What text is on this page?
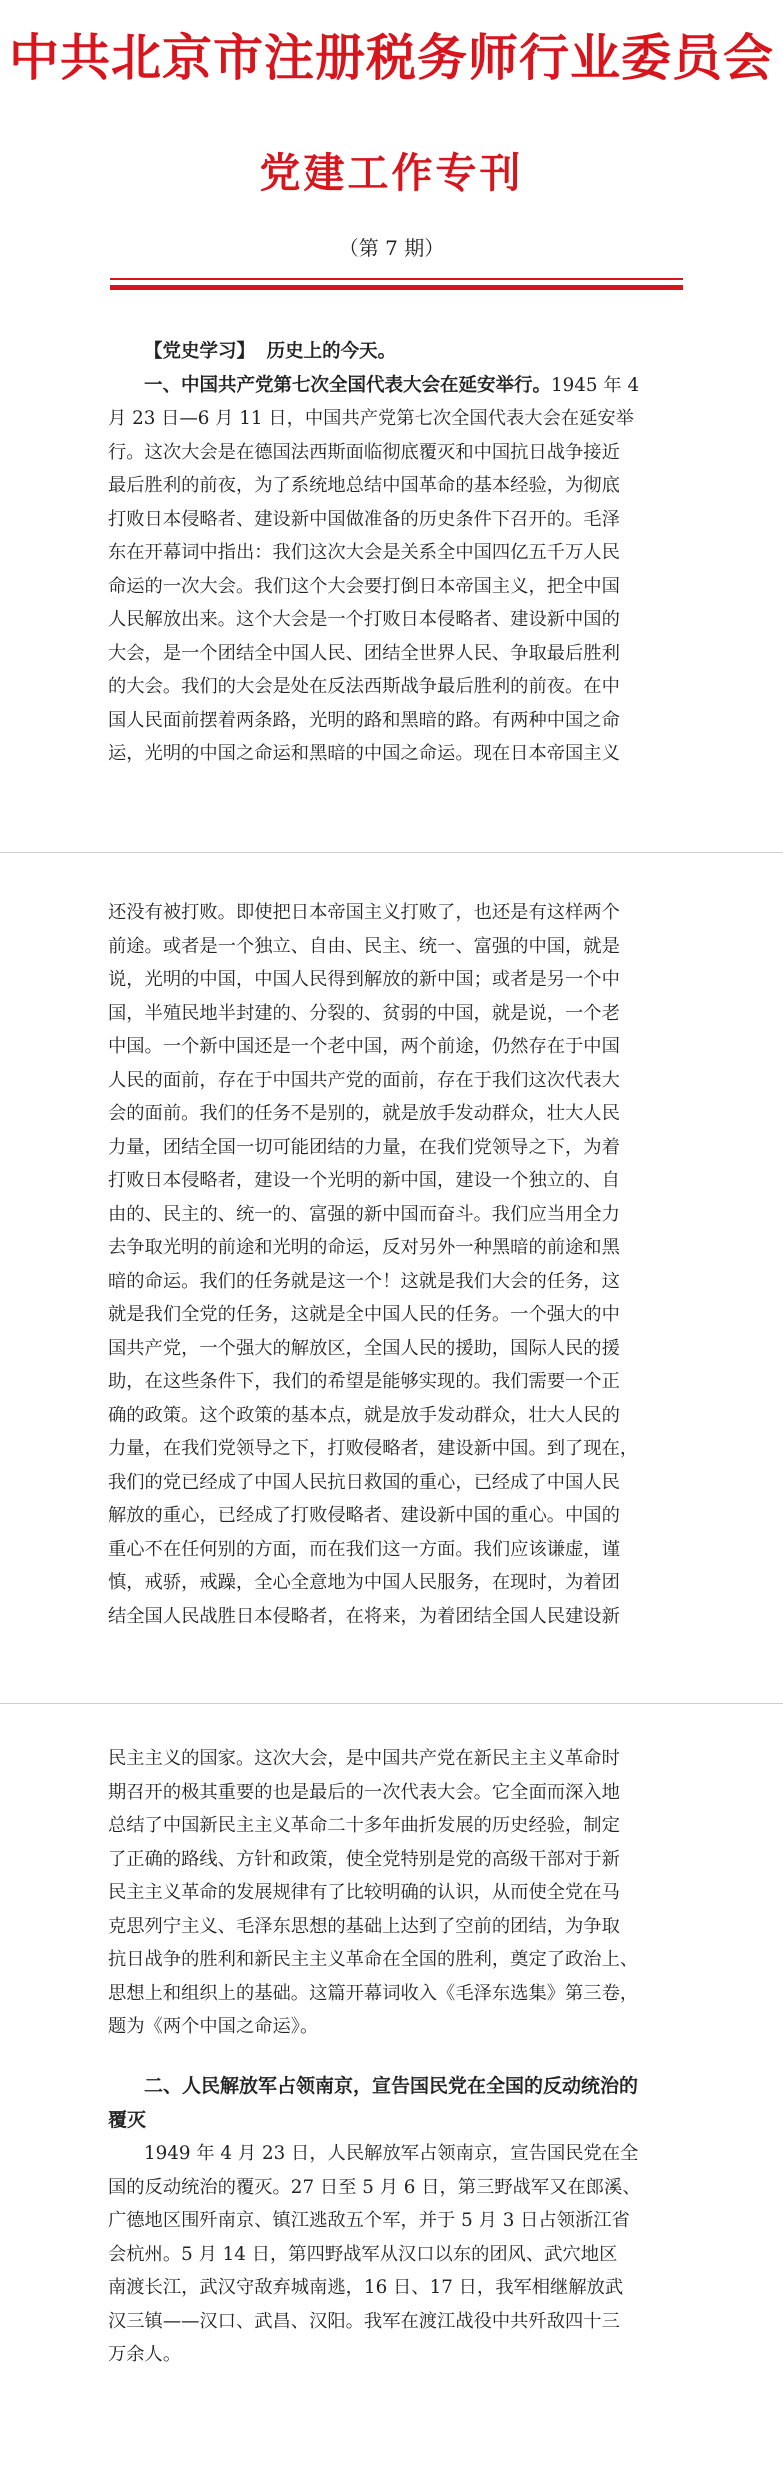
中共北京市注册税务师行业委员会
党建工作专刊
（第 7 期）
【党史学习】 历史上的今天。
一、中国共产党第七次全国代表大会在延安举行。1945 年 4
月 23 日—6 月 11 日，中国共产党第七次全国代表大会在延安举
行。这次大会是在德国法西斯面临彻底覆灭和中国抗日战争接近
最后胜利的前夜，为了系统地总结中国革命的基本经验，为彻底
打败日本侵略者、建设新中国做准备的历史条件下召开的。毛泽
东在开幕词中指出：我们这次大会是关系全中国四亿五千万人民
命运的一次大会。我们这个大会要打倒日本帝国主义，把全中国
人民解放出来。这个大会是一个打败日本侵略者、建设新中国的
大会，是一个团结全中国人民、团结全世界人民、争取最后胜利
的大会。我们的大会是处在反法西斯战争最后胜利的前夜。在中
国人民面前摆着两条路，光明的路和黑暗的路。有两种中国之命
运，光明的中国之命运和黑暗的中国之命运。现在日本帝国主义
还没有被打败。即使把日本帝国主义打败了，也还是有这样两个
前途。或者是一个独立、自由、民主、统一、富强的中国，就是
说，光明的中国，中国人民得到解放的新中国；或者是另一个中
国，半殖民地半封建的、分裂的、贫弱的中国，就是说，一个老
中国。一个新中国还是一个老中国，两个前途，仍然存在于中国
人民的面前，存在于中国共产党的面前，存在于我们这次代表大
会的面前。我们的任务不是别的，就是放手发动群众，壮大人民
力量，团结全国一切可能团结的力量，在我们党领导之下，为着
打败日本侵略者，建设一个光明的新中国，建设一个独立的、自
由的、民主的、统一的、富强的新中国而奋斗。我们应当用全力
去争取光明的前途和光明的命运，反对另外一种黑暗的前途和黑
暗的命运。我们的任务就是这一个！这就是我们大会的任务，这
就是我们全党的任务，这就是全中国人民的任务。一个强大的中
国共产党，一个强大的解放区，全国人民的援助，国际人民的援
助，在这些条件下，我们的希望是能够实现的。我们需要一个正
确的政策。这个政策的基本点，就是放手发动群众，壮大人民的
力量，在我们党领导之下，打败侵略者，建设新中国。到了现在，
我们的党已经成了中国人民抗日救国的重心，已经成了中国人民
解放的重心，已经成了打败侵略者、建设新中国的重心。中国的
重心不在任何别的方面，而在我们这一方面。我们应该谦虚，谨
慎，戒骄，戒躁，全心全意地为中国人民服务，在现时，为着团
结全国人民战胜日本侵略者，在将来，为着团结全国人民建设新
民主主义的国家。这次大会，是中国共产党在新民主主义革命时
期召开的极其重要的也是最后的一次代表大会。它全面而深入地
总结了中国新民主主义革命二十多年曲折发展的历史经验，制定
了正确的路线、方针和政策，使全党特别是党的高级干部对于新
民主主义革命的发展规律有了比较明确的认识，从而使全党在马
克思列宁主义、毛泽东思想的基础上达到了空前的团结，为争取
抗日战争的胜利和新民主主义革命在全国的胜利，奠定了政治上、
思想上和组织上的基础。这篇开幕词收入《毛泽东选集》第三卷，
题为《两个中国之命运》。
二、人民解放军占领南京，宣告国民党在全国的反动统治的
覆灭
1949 年 4 月 23 日，人民解放军占领南京，宣告国民党在全
国的反动统治的覆灭。27 日至 5 月 6 日，第三野战军又在郎溪、
广德地区围歼南京、镇江逃敌五个军，并于 5 月 3 日占领浙江省
会杭州。5 月 14 日，第四野战军从汉口以东的团风、武穴地区
南渡长江，武汉守敌弃城南逃，16 日、17 日，我军相继解放武
汉三镇——汉口、武昌、汉阳。我军在渡江战役中共歼敌四十三
万余人。
